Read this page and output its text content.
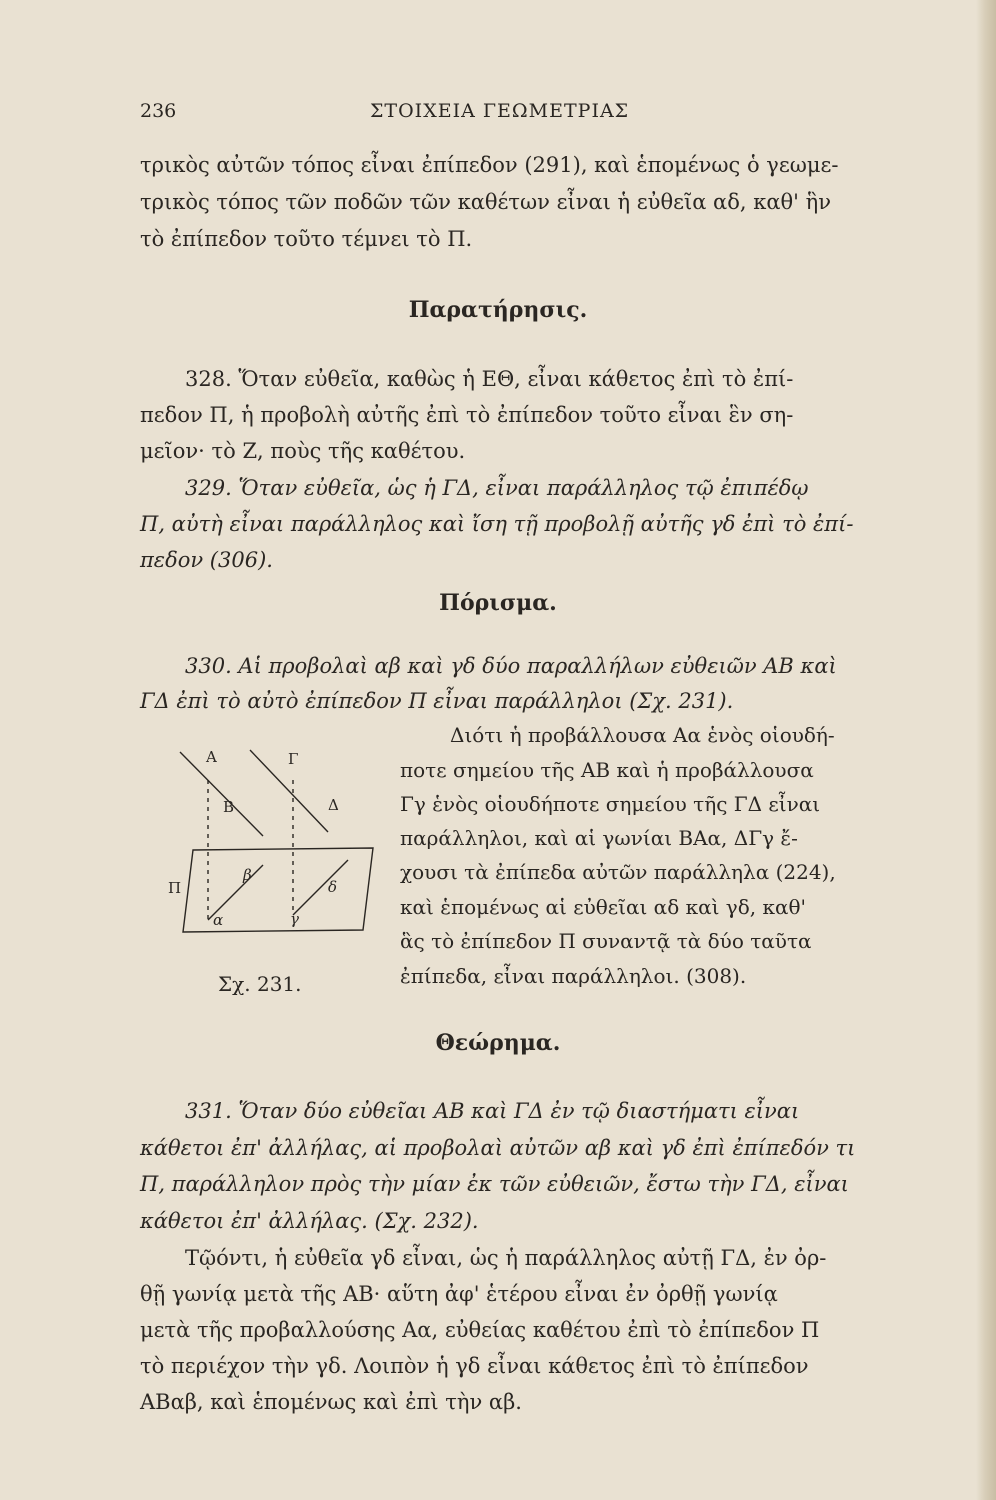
236	ΣΤΟΙΧΕΙΑ ΓΕΩΜΕΤΡΙΑΣ
τρικὸς αὐτῶν τόπος εἶναι ἐπίπεδον (291), καὶ ἑπομένως ὁ γεωμε-
τρικὸς τόπος τῶν ποδῶν τῶν καθέτων εἶναι ἡ εὐθεῖα αδ, καθ' ἣν
τὸ ἐπίπεδον τοῦτο τέμνει τὸ Π.
Παρατήρησις.
328. Ὅταν εὐθεῖα, καθὼς ἡ ΕΘ, εἶναι κάθετος ἐπὶ τὸ ἐπί-
πεδον Π, ἡ προβολὴ αὐτῆς ἐπὶ τὸ ἐπίπεδον τοῦτο εἶναι ἓν ση-
μεῖον· τὸ Ζ, ποὺς τῆς καθέτου.
329. Ὅταν εὐθεῖα, ὡς ἡ ΓΔ, εἶναι παράλληλος τῷ ἐπιπέδῳ
Π, αὐτὴ εἶναι παράλληλος καὶ ἴση τῇ προβολῇ αὐτῆς γδ ἐπὶ τὸ ἐπί-
πεδον (306).
Πόρισμα.
330. Αἱ προβολαὶ αβ καὶ γδ δύο παραλλήλων εὐθειῶν ΑΒ καὶ
ΓΔ ἐπὶ τὸ αὐτὸ ἐπίπεδον Π εἶναι παράλληλοι (Σχ. 231).
Διότι ἡ προβάλλουσα Αα ἑνὸς οἱουδή-
ποτε σημείου τῆς ΑΒ καὶ ἡ προβάλλουσα
Γγ ἑνὸς οἱουδήποτε σημείου τῆς ΓΔ εἶναι
παράλληλοι, καὶ αἱ γωνίαι ΒΑα, ΔΓγ ἔ-
χουσι τὰ ἐπίπεδα αὐτῶν παράλληλα (224),
καὶ ἑπομένως αἱ εὐθεῖαι αδ καὶ γδ, καθ'
ἃς τὸ ἐπίπεδον Π συναντᾷ τὰ δύο ταῦτα
ἐπίπεδα, εἶναι παράλληλοι. (308).
Α	Γ
Β	Δ
Π
β
δ
α	γ
Σχ. 231.
Θεώρημα.
331. Ὅταν δύο εὐθεῖαι ΑΒ καὶ ΓΔ ἐν τῷ διαστήματι εἶναι
κάθετοι ἐπ' ἀλλήλας, αἱ προβολαὶ αὐτῶν αβ καὶ γδ ἐπὶ ἐπίπεδόν τι
Π, παράλληλον πρὸς τὴν μίαν ἐκ τῶν εὐθειῶν, ἔστω τὴν ΓΔ, εἶναι
κάθετοι ἐπ' ἀλλήλας. (Σχ. 232).
Τῷόντι, ἡ εὐθεῖα γδ εἶναι, ὡς ἡ παράλληλος αὐτῇ ΓΔ, ἐν ὀρ-
θῇ γωνίᾳ μετὰ τῆς ΑΒ· αὕτη ἀφ' ἑτέρου εἶναι ἐν ὀρθῇ γωνίᾳ
μετὰ τῆς προβαλλούσης Αα, εὐθείας καθέτου ἐπὶ τὸ ἐπίπεδον Π
τὸ περιέχον τὴν γδ. Λοιπὸν ἡ γδ εἶναι κάθετος ἐπὶ τὸ ἐπίπεδον
ΑΒαβ, καὶ ἑπομένως καὶ ἐπὶ τὴν αβ.
